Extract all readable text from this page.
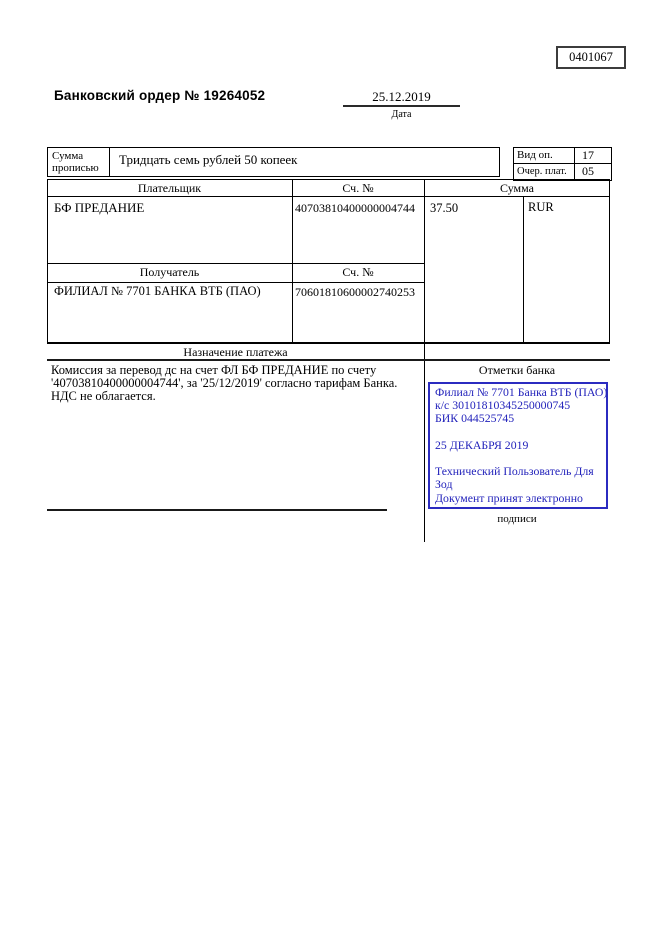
0401067
Банковский ордер № 19264052	25.12.2019
Дата
Сумма
прописью
Тридцать семь рублей 50 копеек	Вид оп.	17
Очер. плат.	05
Плательщик	Сч. №	Сумма
БФ ПРЕДАНИЕ	40703810400000004744	37.50	RUR
Получатель	Сч. №
ФИЛИАЛ № 7701 БАНКА ВТБ (ПАО)	70601810600002740253
Назначение платежа
Комиссия за перевод дс на счет ФЛ БФ ПРЕДАНИЕ по счету
'40703810400000004744', за '25/12/2019' согласно тарифам Банка.
НДС не облагается.
Отметки банка
Филиал № 7701 Банка ВТБ (ПАО)
к/с 30101810345250000745
БИК 044525745
25 ДЕКАБРЯ 2019
Технический Пользователь Для
Зод
Документ принят электронно
подписи
